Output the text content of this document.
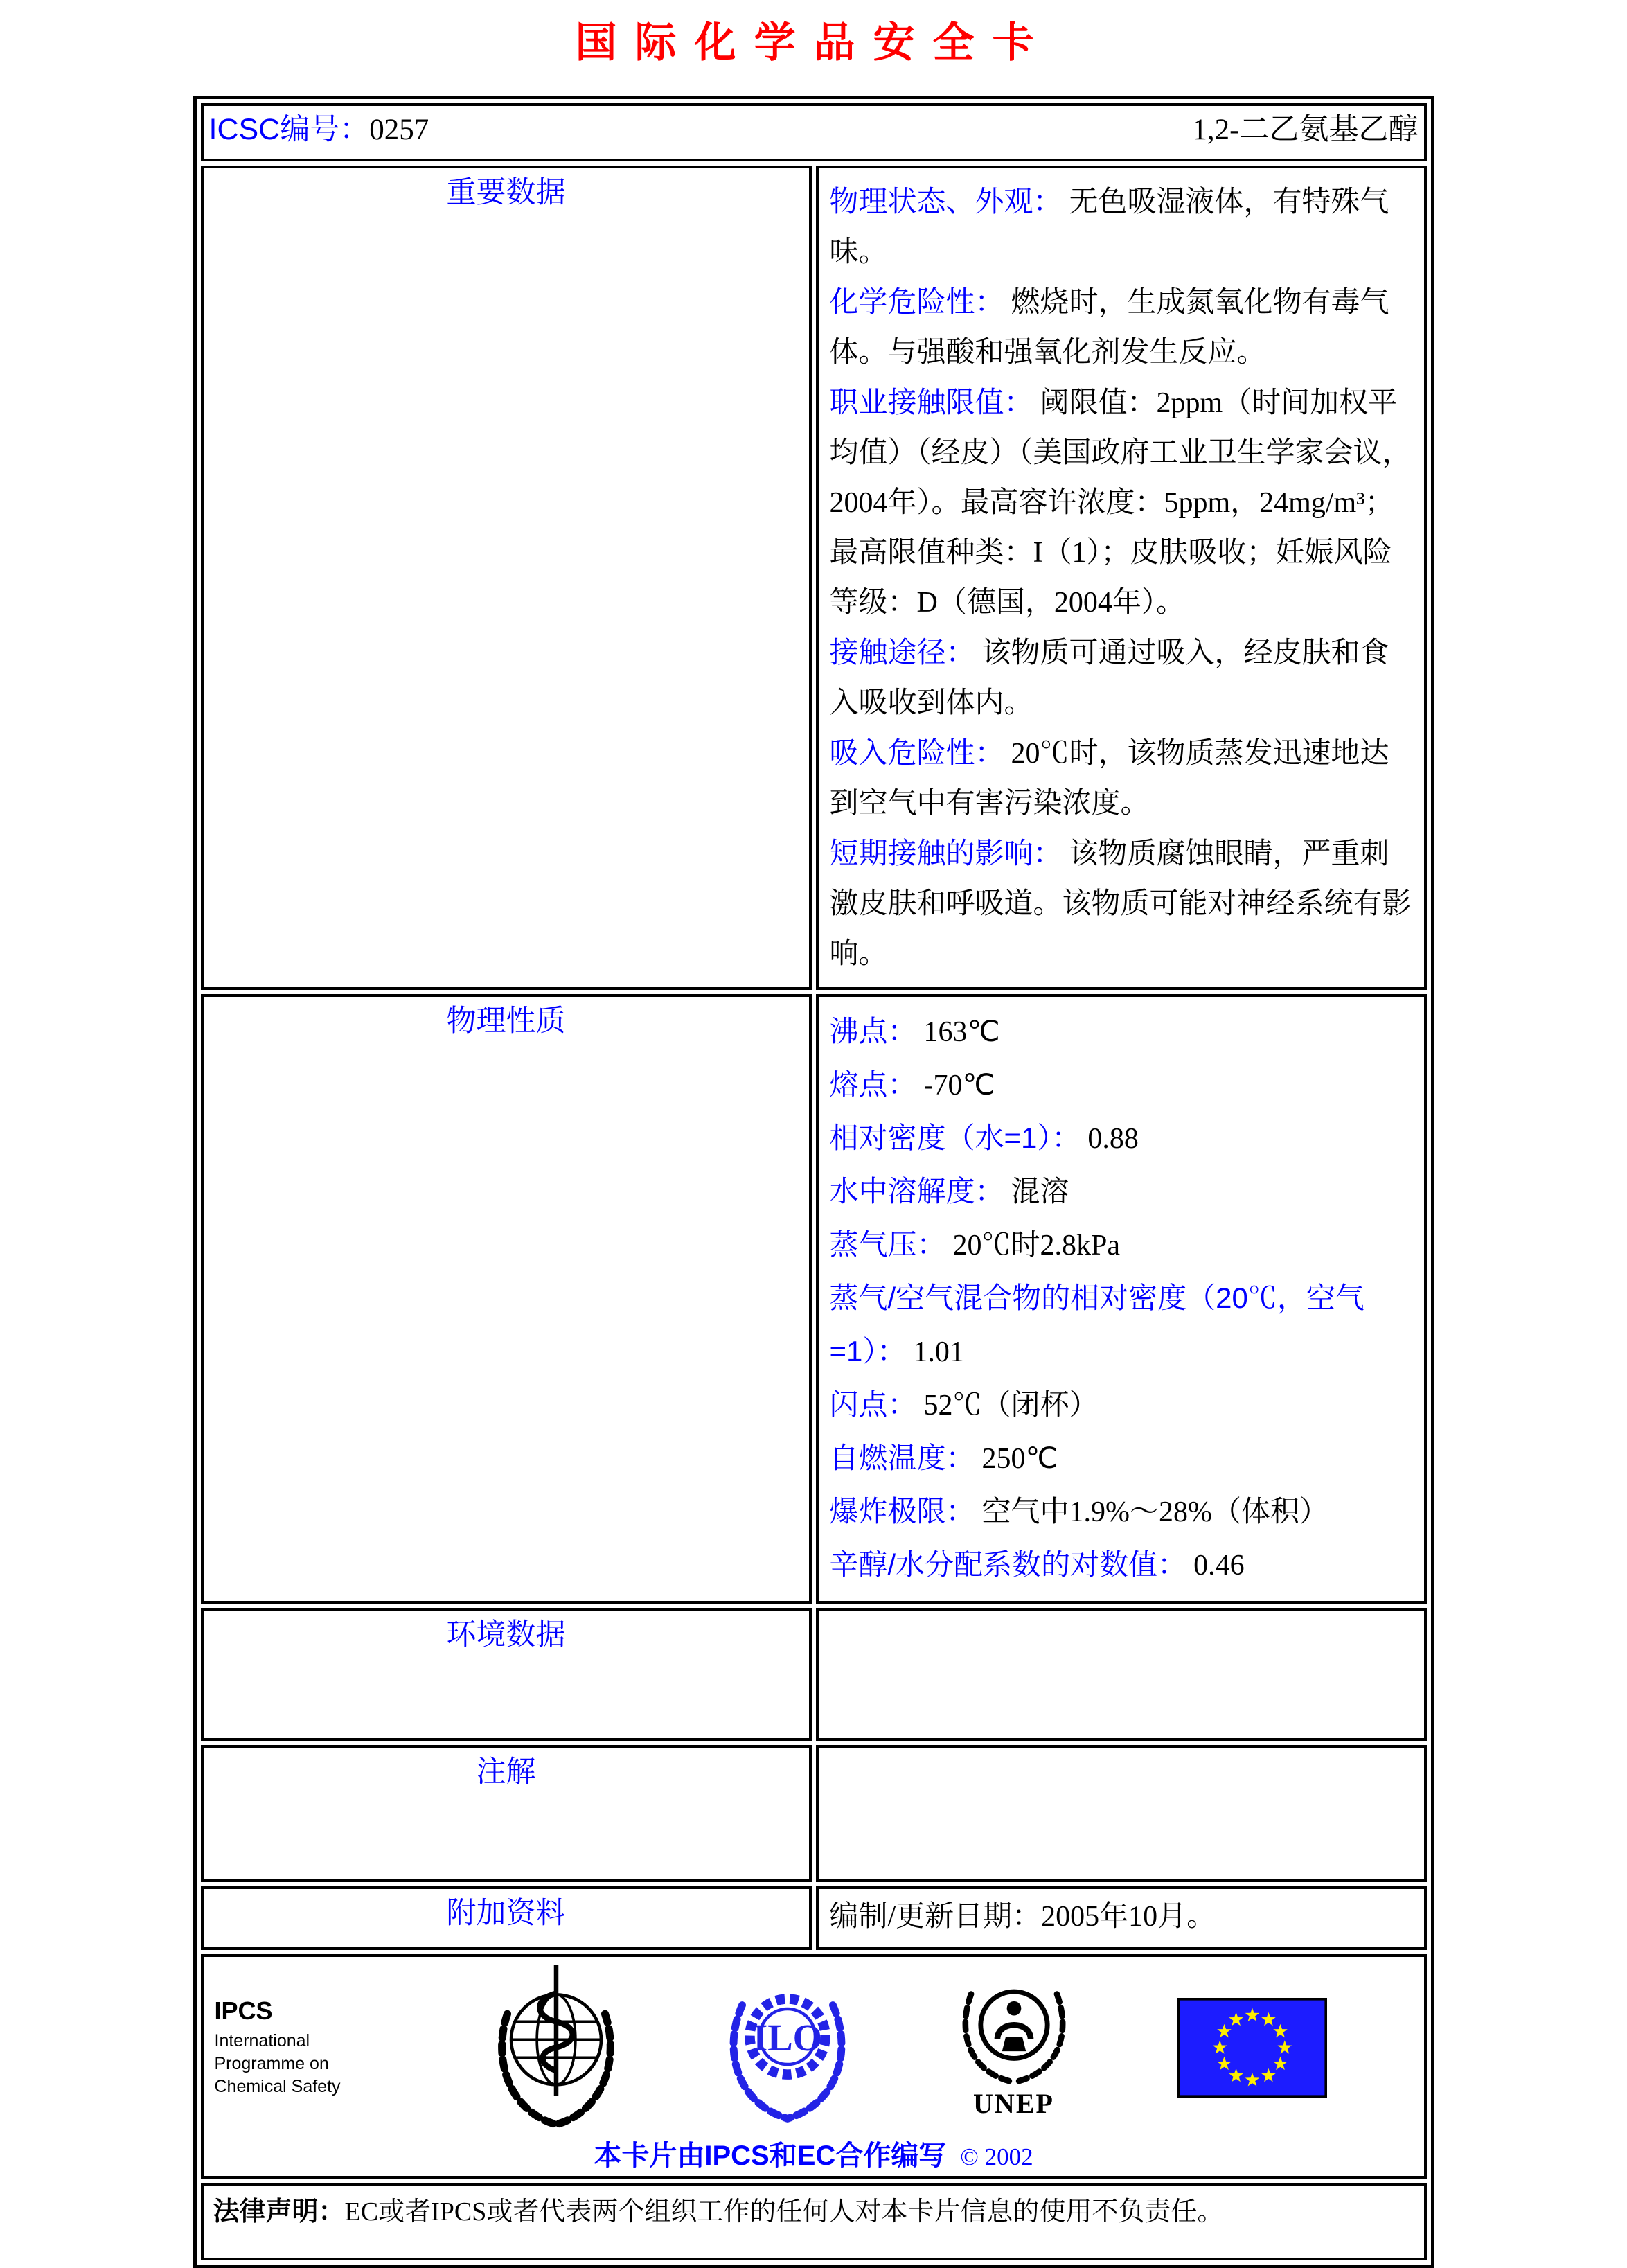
国际化学品安全卡
ICSC编号：0257 1,2-二乙氨基乙醇	

重要数据	物理状态、外观： 无色吸湿液体，有特殊气味。

化学危险性： 燃烧时，生成氮氧化物有毒气体。与强酸和强氧化剂发生反应。

职业接触限值： 阈限值：2ppm（时间加权平均值）（经皮）（美国政府工业卫生学家会议，2004年）。最高容许浓度：5ppm，24mg/m³；最高限值种类：I（1）；皮肤吸收；妊娠风险等级：D（德国，2004年）。

接触途径： 该物质可通过吸入，经皮肤和食入吸收到体内。

吸入危险性： 20℃时，该物质蒸发迅速地达到空气中有害污染浓度。

短期接触的影响： 该物质腐蚀眼睛，严重刺激皮肤和呼吸道。该物质可能对神经系统有影响。

物理性质	沸点： 163℃

熔点： -70℃

相对密度（水=1）： 0.88

水中溶解度： 混溶

蒸气压： 20℃时2.8kPa

蒸气/空气混合物的相对密度（20℃，空气=1）： 1.01

闪点： 52℃（闭杯）

自燃温度： 250℃

爆炸极限： 空气中1.9%～28%（体积）

辛醇/水分配系数的对数值： 0.46

环境数据	
注解	
附加资料	编制/更新日期：2005年10月。

IPCS
International
Programme on
Chemical Safety
ILO
UNEP
本卡片由IPCS和EC合作编写 © 2002

法律声明：EC或者IPCS或者代表两个组织工作的任何人对本卡片信息的使用不负责任。	
